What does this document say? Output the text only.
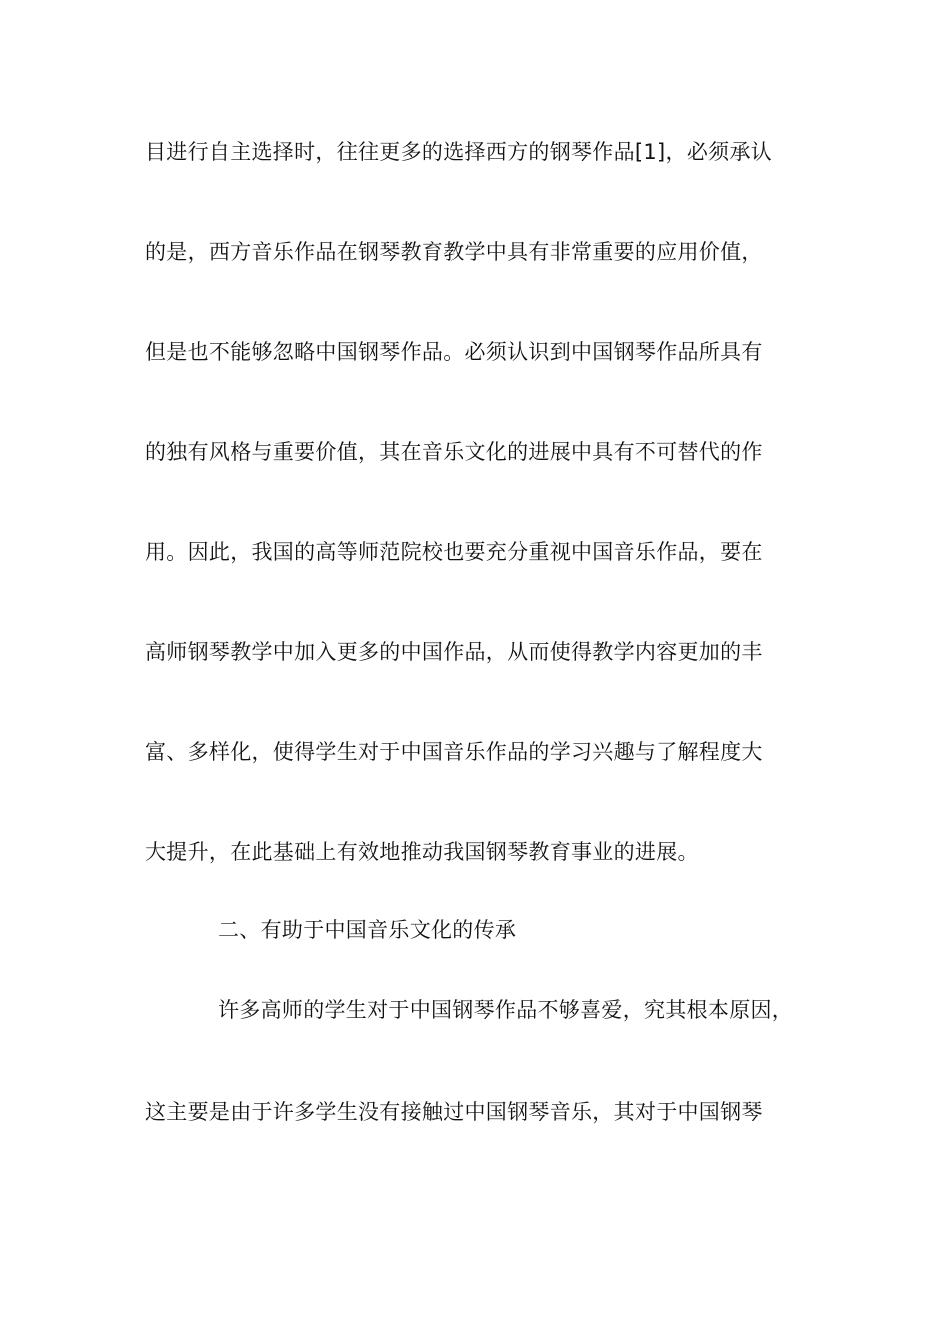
目进行自主选择时，往往更多的选择西方的钢琴作品[1]，必须承认
的是，西方音乐作品在钢琴教育教学中具有非常重要的应用价值，
但是也不能够忽略中国钢琴作品。必须认识到中国钢琴作品所具有
的独有风格与重要价值，其在音乐文化的进展中具有不可替代的作
用。因此，我国的高等师范院校也要充分重视中国音乐作品，要在
高师钢琴教学中加入更多的中国作品，从而使得教学内容更加的丰
富、多样化，使得学生对于中国音乐作品的学习兴趣与了解程度大
大提升，在此基础上有效地推动我国钢琴教育事业的进展。
二、有助于中国音乐文化的传承
许多高师的学生对于中国钢琴作品不够喜爱，究其根本原因，
这主要是由于许多学生没有接触过中国钢琴音乐，其对于中国钢琴
